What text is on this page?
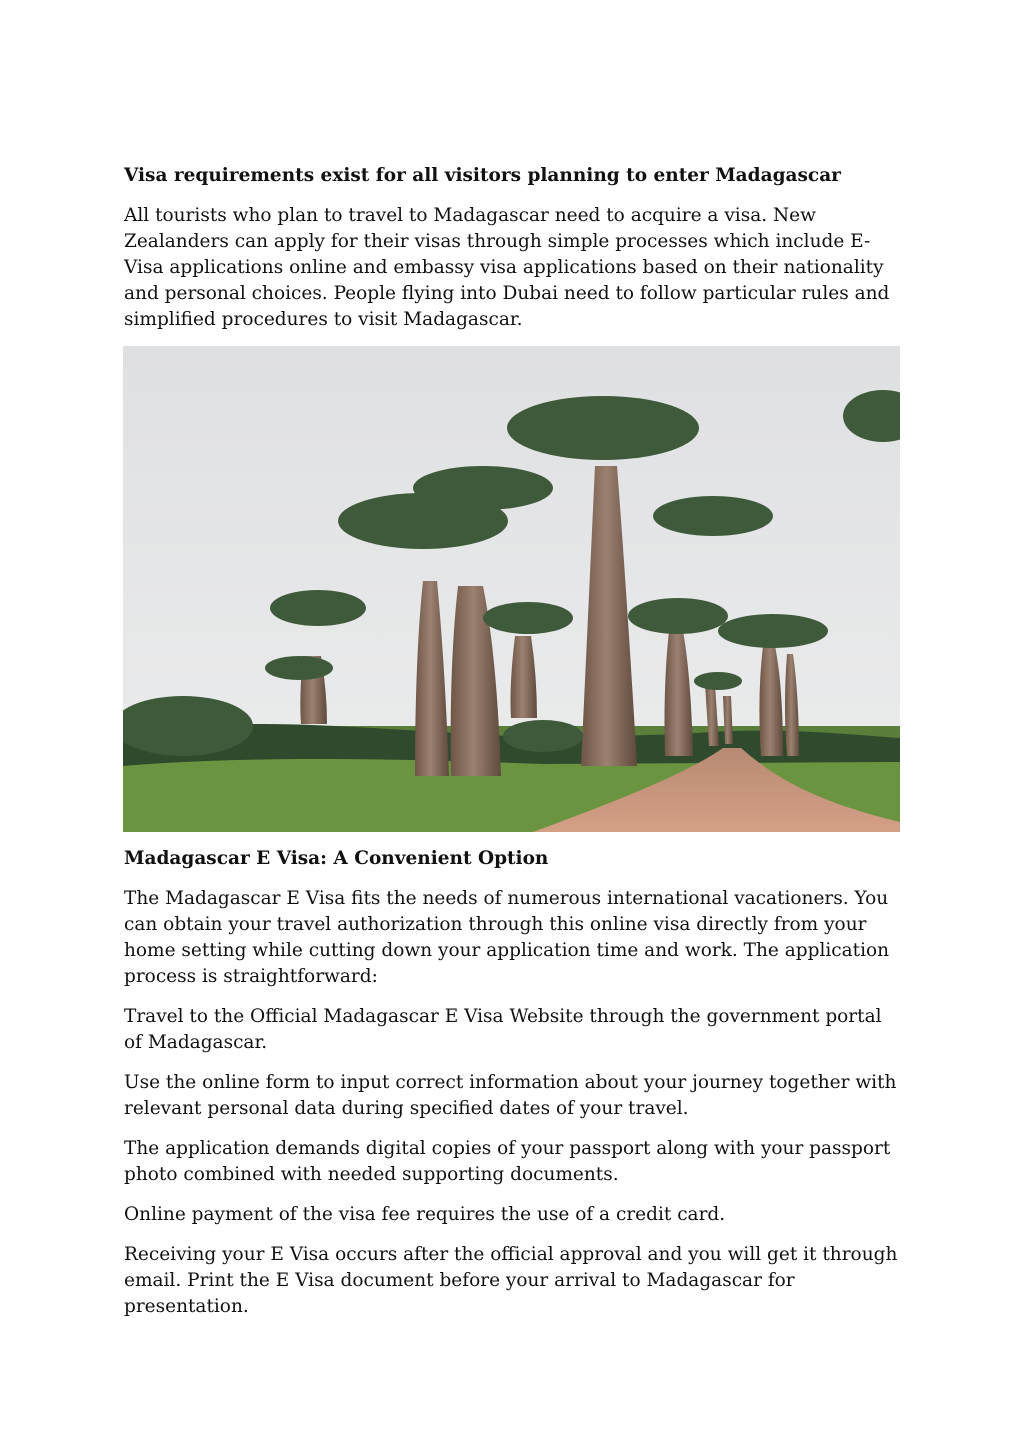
Visa requirements exist for all visitors planning to enter Madagascar

All tourists who plan to travel to Madagascar need to acquire a visa. New Zealanders can apply for their visas through simple processes which include E-Visa applications online and embassy visa applications based on their nationality and personal choices. People flying into Dubai need to follow particular rules and simplified procedures to visit Madagascar.

Madagascar E Visa: A Convenient Option

The Madagascar E Visa fits the needs of numerous international vacationers. You can obtain your travel authorization through this online visa directly from your home setting while cutting down your application time and work. The application process is straightforward:

Travel to the Official Madagascar E Visa Website through the government portal of Madagascar.

Use the online form to input correct information about your journey together with relevant personal data during specified dates of your travel.

The application demands digital copies of your passport along with your passport photo combined with needed supporting documents.

Online payment of the visa fee requires the use of a credit card.

Receiving your E Visa occurs after the official approval and you will get it through email. Print the E Visa document before your arrival to Madagascar for presentation.
